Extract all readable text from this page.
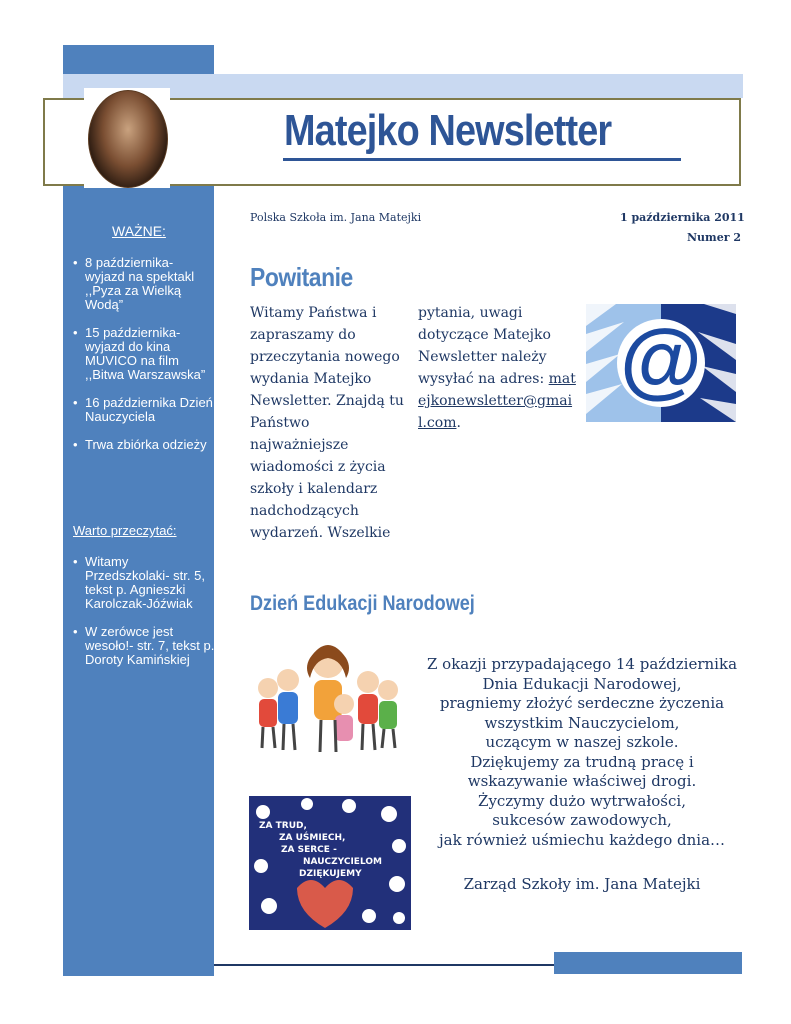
Matejko Newsletter
WAŻNE:
• 8 października- wyjazd na spektakl ,,Pyza za Wielką Wodą”
• 15 października- wyjazd do kina MUVICO na film ,,Bitwa Warszawska”
• 16 października Dzień Nauczyciela
• Trwa zbiórka odzieży
Warto przeczytać:
• Witamy Przedszkolaki- str. 5, tekst p. Agnieszki Karolczak-Jóźwiak
• W zerówce jest wesoło!- str. 7, tekst p. Doroty Kamińskiej
Polska Szkoła im. Jana Matejki	1 października 2011
Numer 2
Powitanie
Witamy Państwa i zapraszamy do przeczytania nowego wydania Matejko Newsletter. Znajdą tu Państwo najważniejsze wiadomości z życia szkoły i kalendarz nadchodzących wydarzeń. Wszelkie
pytania, uwagi dotyczące Matejko Newsletter należy wysyłać na adres: matejkonewsletter@gmail.com.
@
Dzień Edukacji Narodowej
ZA TRUD,
ZA UŚMIECH,
ZA SERCE -
NAUCZYCIELOM
DZIĘKUJEMY
Z okazji przypadającego 14 października
Dnia Edukacji Narodowej,
pragniemy złożyć serdeczne życzenia
wszystkim Nauczycielom,
uczącym w naszej szkole.
Dziękujemy za trudną pracę i
wskazywanie właściwej drogi.
Życzymy dużo wytrwałości,
sukcesów zawodowych,
jak również uśmiechu każdego dnia…
Zarząd Szkoły im. Jana Matejki
